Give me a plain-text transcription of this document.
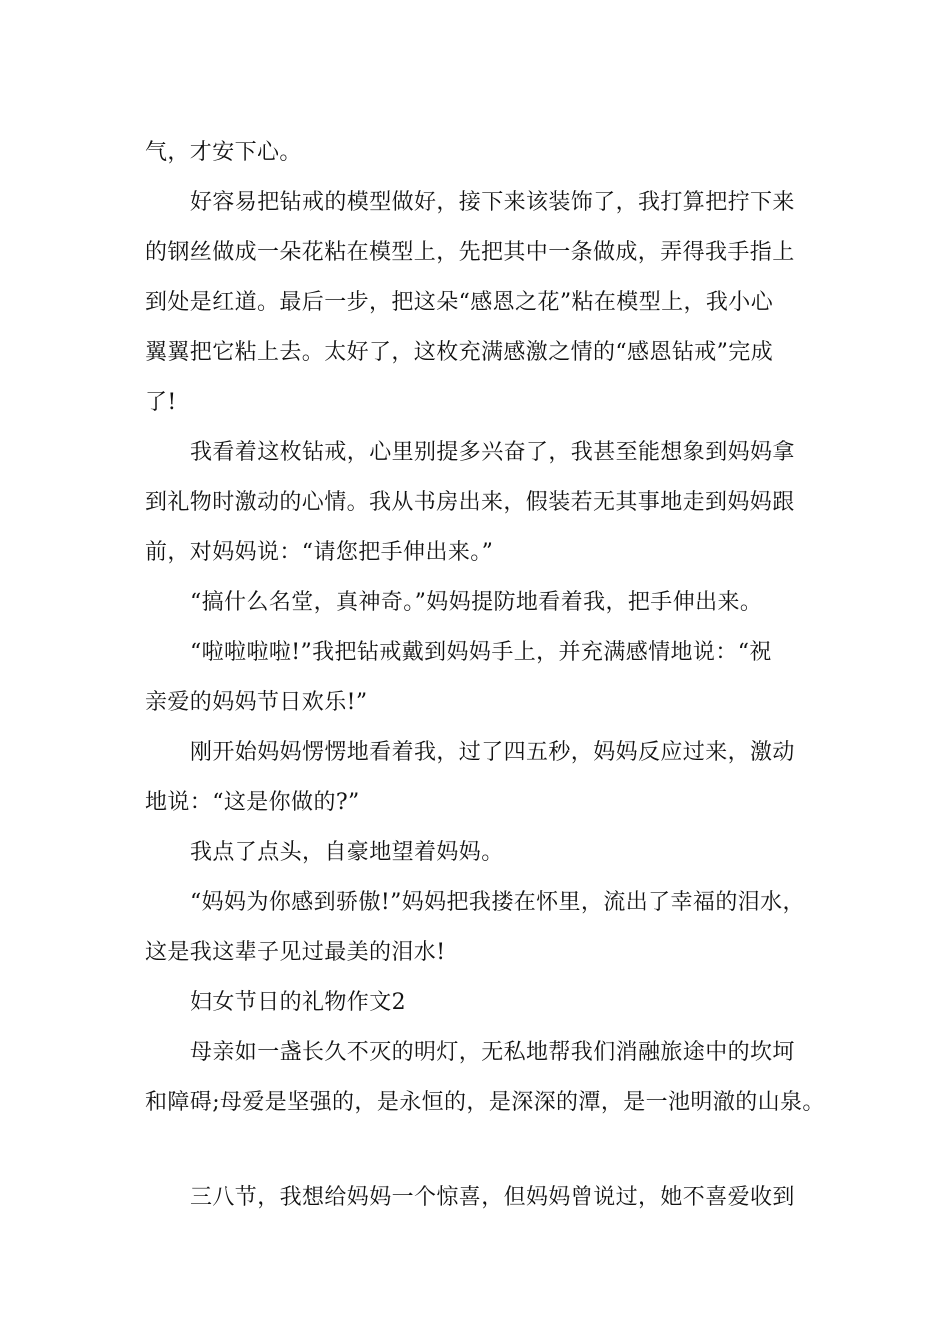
气，才安下心。
好容易把钻戒的模型做好，接下来该装饰了，我打算把拧下来
的钢丝做成一朵花粘在模型上，先把其中一条做成，弄得我手指上
到处是红道。最后一步，把这朵“感恩之花”粘在模型上，我小心
翼翼把它粘上去。太好了，这枚充满感激之情的“感恩钻戒”完成
了!
我看着这枚钻戒，心里别提多兴奋了，我甚至能想象到妈妈拿
到礼物时激动的心情。我从书房出来，假装若无其事地走到妈妈跟
前，对妈妈说：“请您把手伸出来。”
“搞什么名堂，真神奇。”妈妈提防地看着我，把手伸出来。
“啦啦啦啦!”我把钻戒戴到妈妈手上，并充满感情地说：“祝
亲爱的妈妈节日欢乐!”
刚开始妈妈愣愣地看着我，过了四五秒，妈妈反应过来，激动
地说：“这是你做的?”
我点了点头，自豪地望着妈妈。
“妈妈为你感到骄傲!”妈妈把我搂在怀里，流出了幸福的泪水，
这是我这辈子见过最美的泪水!
妇女节日的礼物作文2
母亲如一盏长久不灭的明灯，无私地帮我们消融旅途中的坎坷
和障碍;母爱是坚强的，是永恒的，是深深的潭，是一池明澈的山泉。
三八节，我想给妈妈一个惊喜，但妈妈曾说过，她不喜爱收到
